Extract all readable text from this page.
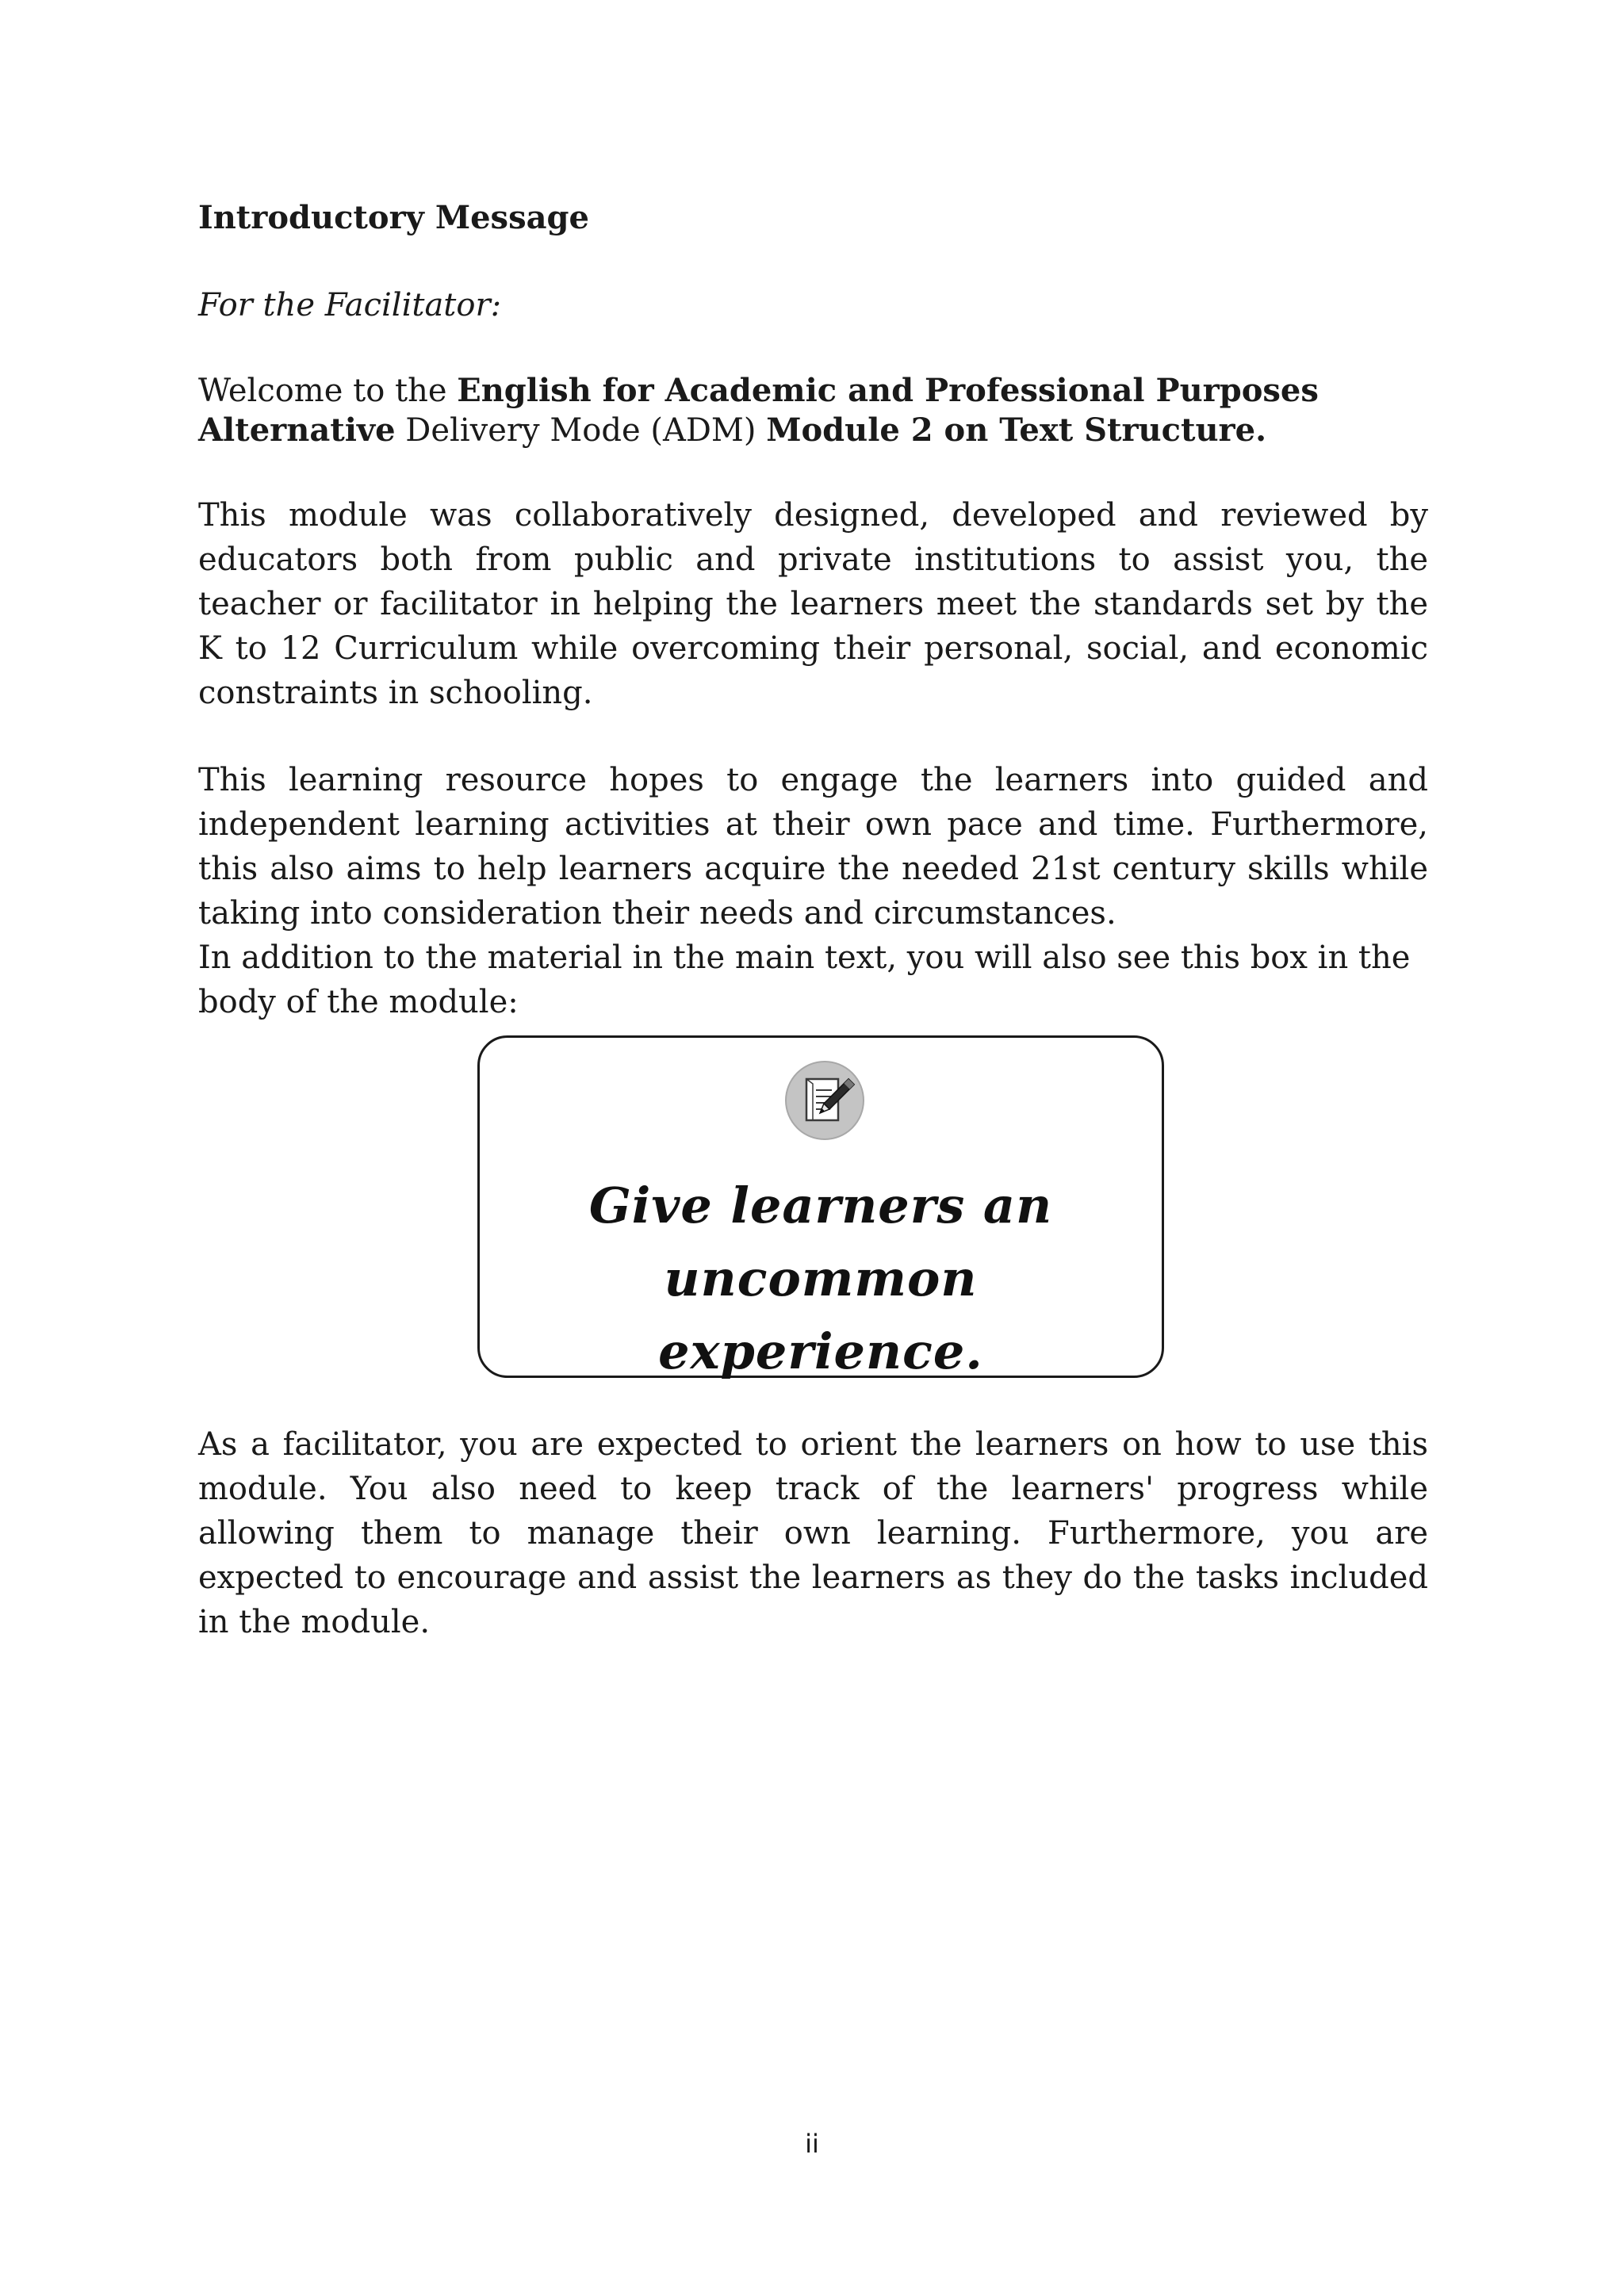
Introductory Message
For the Facilitator:

Welcome to the English for Academic and Professional Purposes Alternative Delivery Mode (ADM) Module 2 on Text Structure.

This module was collaboratively designed, developed and reviewed by educators both from public and private institutions to assist you, the teacher or facilitator in helping the learners meet the standards set by the K to 12 Curriculum while overcoming their personal, social, and economic constraints in schooling.

This learning resource hopes to engage the learners into guided and independent learning activities at their own pace and time. Furthermore, this also aims to help learners acquire the needed 21st century skills while taking into consideration their needs and circumstances.

In addition to the material in the main text, you will also see this box in the body of the module:

As a facilitator, you are expected to orient the learners on how to use this module. You also need to keep track of the learners' progress while allowing them to manage their own learning. Furthermore, you are expected to encourage and assist the learners as they do the tasks included in the module.

Give learners an uncommon experience.
ii
